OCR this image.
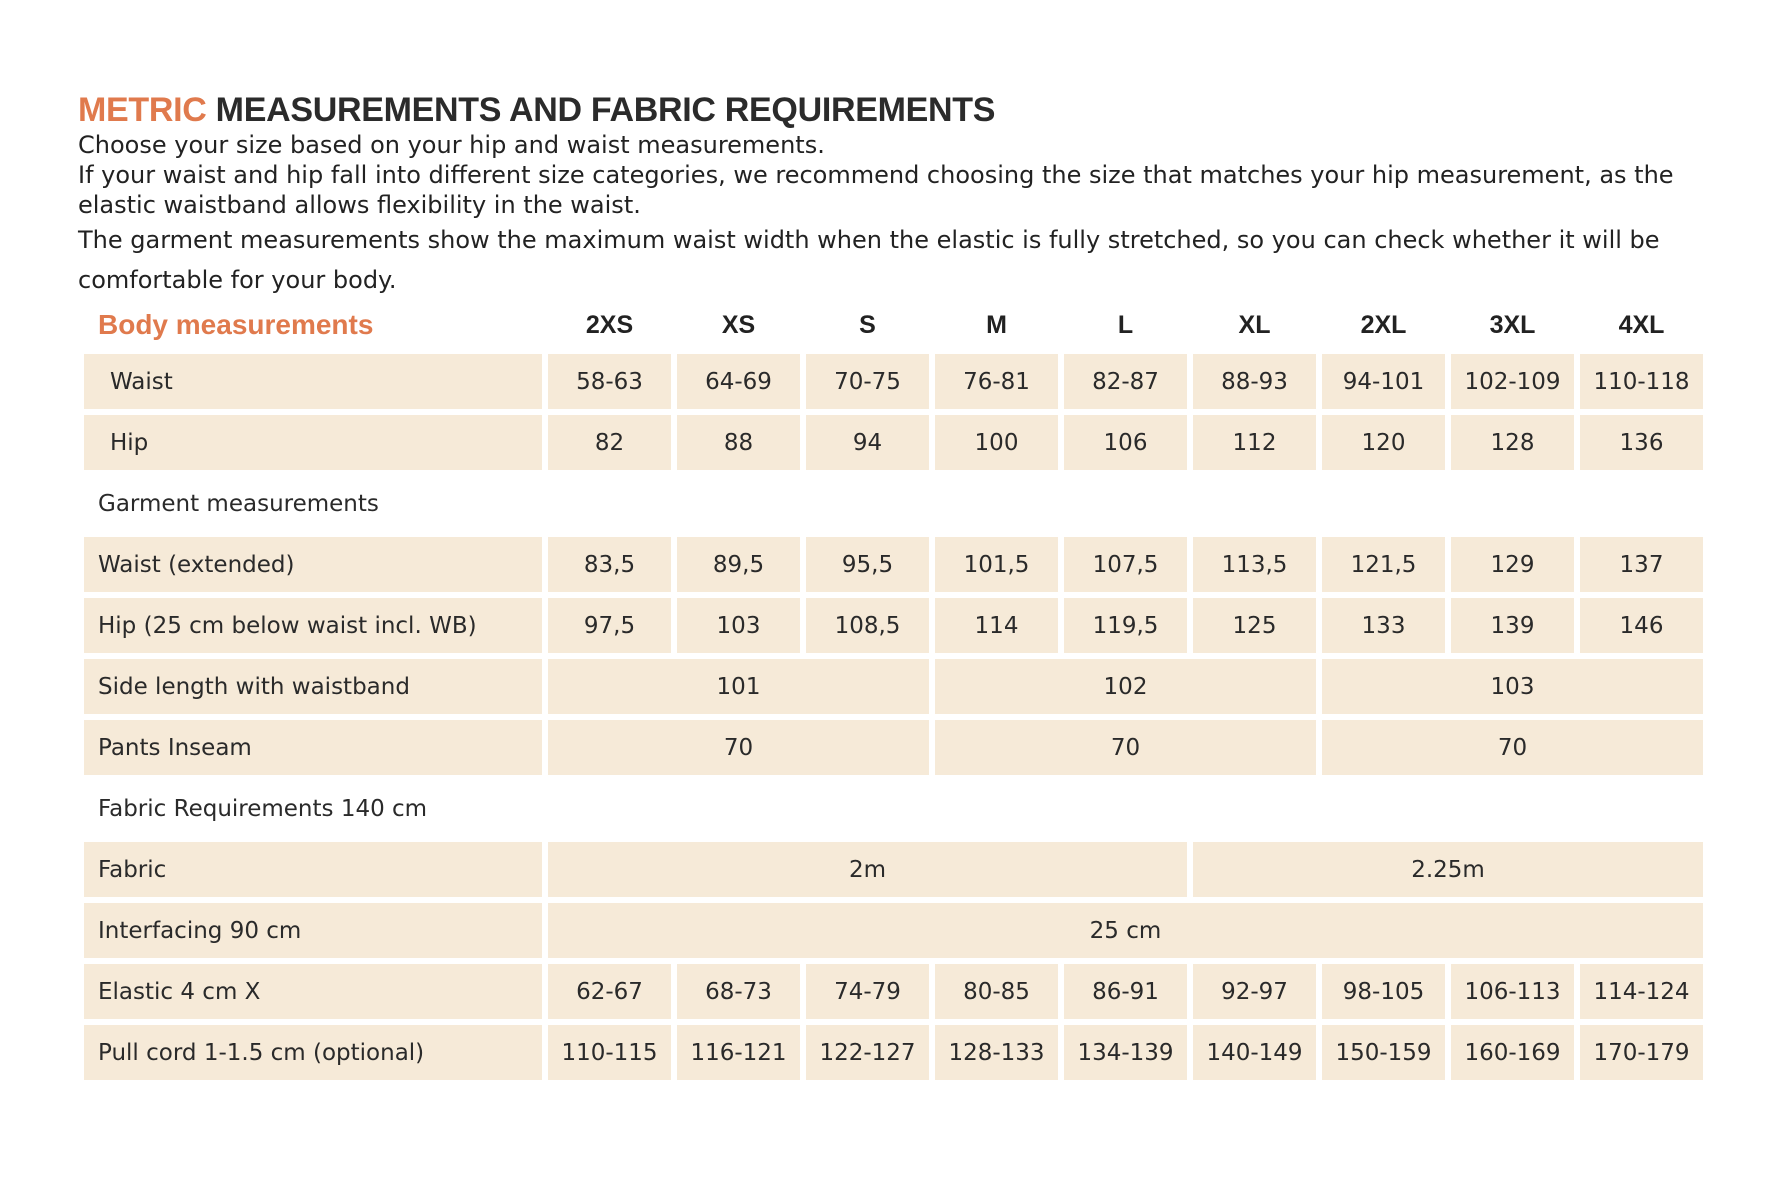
METRIC MEASUREMENTS AND FABRIC REQUIREMENTS

Choose your size based on your hip and waist measurements.

If your waist and hip fall into different size categories, we recommend choosing the size that matches your hip measurement, as the elastic waistband allows flexibility in the waist.

The garment measurements show the maximum waist width when the elastic is fully stretched, so you can check whether it will be comfortable for your body.

Body measurements	2XS	XS	S	M	L	XL	2XL	3XL	4XL
Waist	58-63	64-69	70-75	76-81	82-87	88-93	94-101	102-109	110-118
Hip	82	88	94	100	106	112	120	128	136
Garment measurements
Waist (extended)	83,5	89,5	95,5	101,5	107,5	113,5	121,5	129	137
Hip (25 cm below waist incl. WB)	97,5	103	108,5	114	119,5	125	133	139	146
Side length with waistband	101	102	103
Pants Inseam	70	70	70
Fabric Requirements 140 cm
Fabric	2m	2.25m
Interfacing 90 cm	25 cm
Elastic 4 cm X	62-67	68-73	74-79	80-85	86-91	92-97	98-105	106-113	114-124
Pull cord 1-1.5 cm (optional)	110-115	116-121	122-127	128-133	134-139	140-149	150-159	160-169	170-179
